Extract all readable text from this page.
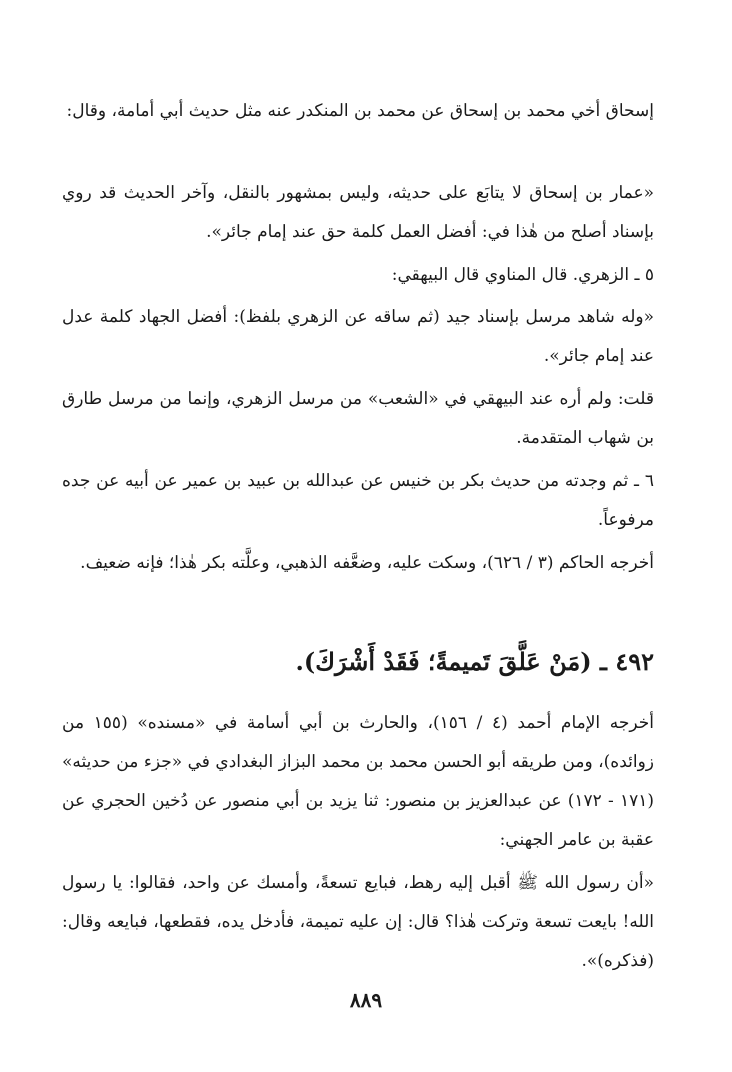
إسحاق أخي محمد بن إسحاق عن محمد بن المنكدر عنه مثل حديث أبي أمامة، وقال:

«عمار بن إسحاق لا يتابَع على حديثه، وليس بمشهور بالنقل، وآخر الحديث قد روي بإسناد أصلح من هٰذا في: أفضل العمل كلمة حق عند إمام جائر».

٥ ـ الزهري. قال المناوي قال البيهقي:

«وله شاهد مرسل بإسناد جيد (ثم ساقه عن الزهري بلفظ): أفضل الجهاد كلمة عدل عند إمام جائر».

قلت: ولم أره عند البيهقي في «الشعب» من مرسل الزهري، وإنما من مرسل طارق بن شهاب المتقدمة.

٦ ـ ثم وجدته من حديث بكر بن خنيس عن عبدالله بن عبيد بن عمير عن أبيه عن جده مرفوعاً.

أخرجه الحاكم (٣ / ٦٢٦)، وسكت عليه، وضعَّفه الذهبي، وعلَّته بكر هٰذا؛ فإنه ضعيف.

٤٩٢ ـ (مَنْ عَلَّقَ تَميمةً؛ فَقَدْ أَشْرَكَ).

أخرجه الإمام أحمد (٤ / ١٥٦)، والحارث بن أبي أسامة في «مسنده» (١٥٥ من زوائده)، ومن طريقه أبو الحسن محمد بن محمد البزاز البغدادي في «جزء من حديثه» (١٧١ - ١٧٢) عن عبدالعزيز بن منصور: ثنا يزيد بن أبي منصور عن دُخين الحجري عن عقبة بن عامر الجهني:

«أن رسول الله ﷺ أقبل إليه رهط، فبايع تسعةً، وأمسك عن واحد، فقالوا: يا رسول الله! بايعت تسعة وتركت هٰذا؟ قال: إن عليه تميمة، فأدخل يده، فقطعها، فبايعه وقال: (فذكره)».

٨٨٩
